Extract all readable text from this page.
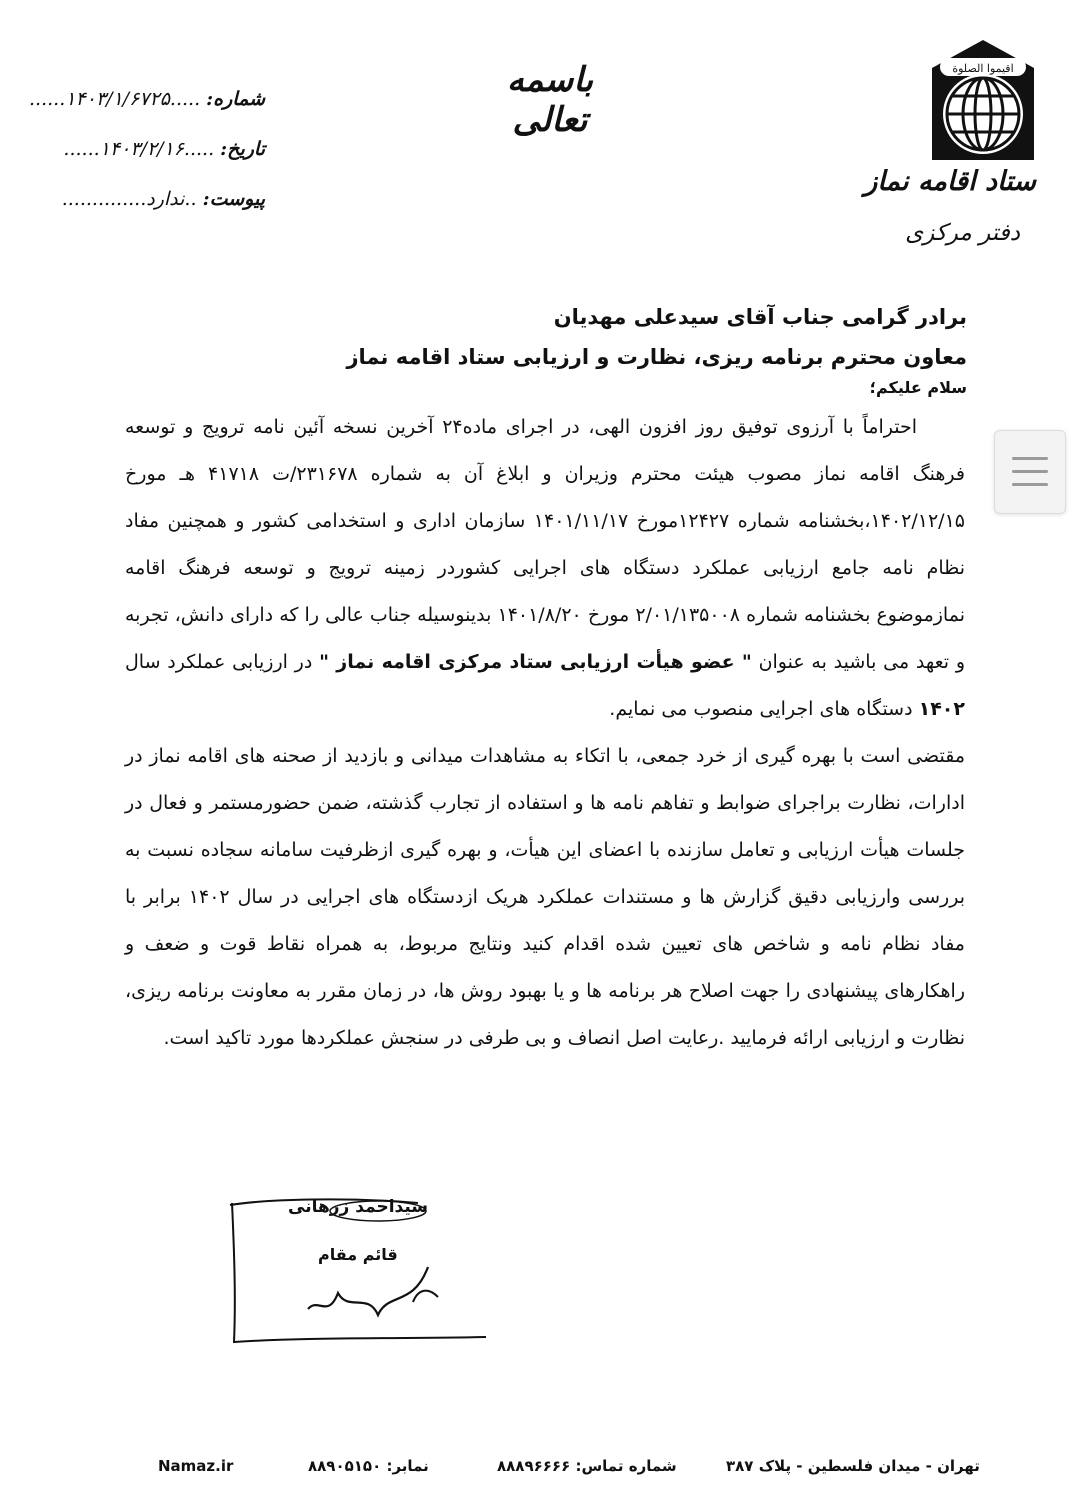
اقیموا الصلوة
ستاد اقامه نماز
دفتر مرکزی
باسمه تعالی
شماره: .....۱۴۰۳/۱/۶۷۲۵......
تاریخ: .....۱۴۰۳/۲/۱۶......
پیوست: ..ندارد..............
برادر گرامی جناب آقای سیدعلی مهدیان
معاون محترم برنامه ریزی، نظارت و ارزیابی ستاد اقامه نماز
سلام علیکم؛

احتراماً با آرزوی توفیق روز افزون الهی، در اجرای ماده۲۴ آخرین نسخه آئین نامه ترویج و توسعه فرهنگ اقامه نماز مصوب هیئت محترم وزیران و ابلاغ آن به شماره ۲۳۱۶۷۸/ت ۴۱۷۱۸ هـ مورخ ۱۴۰۲/۱۲/۱۵،بخشنامه شماره ۱۲۴۲۷مورخ ۱۴۰۱/۱۱/۱۷ سازمان اداری و استخدامی کشور و همچنین مفاد نظام نامه جامع ارزیابی عملکرد دستگاه های اجرایی کشوردر زمینه ترویج و توسعه فرهنگ اقامه نمازموضوع بخشنامه شماره ۲/۰۱/۱۳۵۰۰۸ مورخ ۱۴۰۱/۸/۲۰ بدینوسیله جناب عالی را که دارای دانش، تجربه و تعهد می باشید به عنوان " عضو هیأت ارزیابی ستاد مرکزی اقامه نماز " در ارزیابی عملکرد سال ۱۴۰۲ دستگاه های اجرایی منصوب می نمایم.

مقتضی است با بهره گیری از خرد جمعی، با اتکاء به مشاهدات میدانی و بازدید از صحنه های اقامه نماز در ادارات، نظارت براجرای ضوابط و تفاهم نامه ها و استفاده از تجارب گذشته، ضمن حضورمستمر و فعال در جلسات هیأت ارزیابی و تعامل سازنده با اعضای این هیأت، و بهره گیری ازظرفیت سامانه سجاده نسبت به بررسی وارزیابی دقیق گزارش ها و مستندات عملکرد هریک ازدستگاه های اجرایی در سال ۱۴۰۲ برابر با مفاد نظام نامه و شاخص های تعیین شده اقدام کنید ونتایج مربوط، به همراه نقاط قوت و ضعف و راهکارهای پیشنهادی را جهت اصلاح هر برنامه ها و یا بهبود روش ها، در زمان مقرر به معاونت برنامه ریزی، نظارت و ارزیابی ارائه فرمایید .رعایت اصل انصاف و بی طرفی در سنجش عملکردها مورد تاکید است.

سیداحمد زرهانی
قائم مقام
تهران - میدان فلسطین - پلاک ۳۸۷
شماره تماس: ۸۸۸۹۶۶۶۶
نمابر: ۸۸۹۰۵۱۵۰
Namaz.ir
